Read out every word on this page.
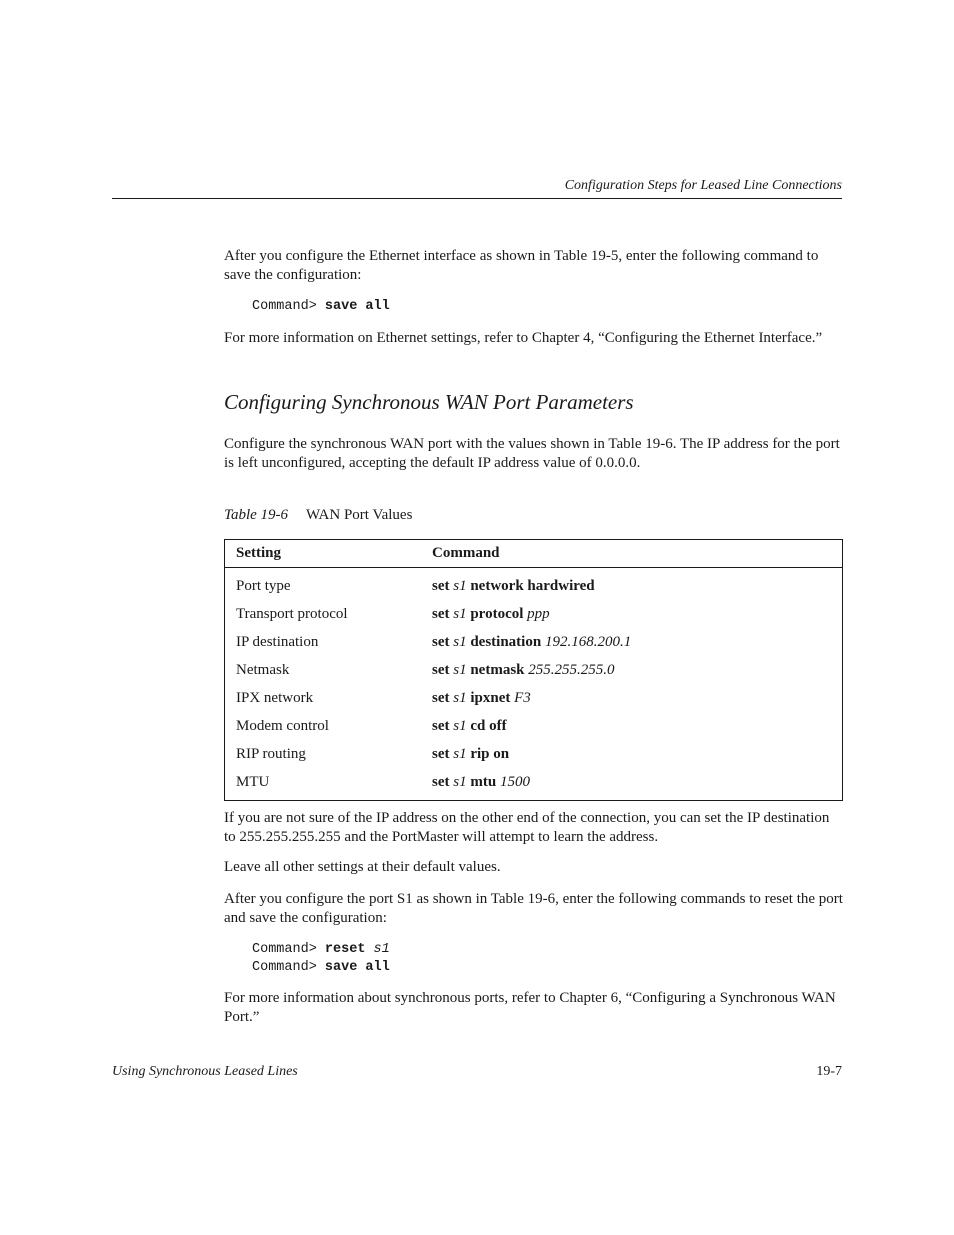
Configuration Steps for Leased Line Connections
After you configure the Ethernet interface as shown in Table 19-5, enter the following command to save the configuration:
Command> save all
For more information on Ethernet settings, refer to Chapter 4, “Configuring the Ethernet Interface.”
Configuring Synchronous WAN Port Parameters
Configure the synchronous WAN port with the values shown in Table 19-6. The IP address for the port is left unconfigured, accepting the default IP address value of 0.0.0.0.
Table 19-6 WAN Port Values
Setting	Command
Port type	set s1 network hardwired
Transport protocol	set s1 protocol ppp
IP destination	set s1 destination 192.168.200.1
Netmask	set s1 netmask 255.255.255.0
IPX network	set s1 ipxnet F3
Modem control	set s1 cd off
RIP routing	set s1 rip on
MTU	set s1 mtu 1500
If you are not sure of the IP address on the other end of the connection, you can set the IP destination to 255.255.255.255 and the PortMaster will attempt to learn the address.
Leave all other settings at their default values.
After you configure the port S1 as shown in Table 19-6, enter the following commands to reset the port and save the configuration:
Command> reset s1
Command> save all
For more information about synchronous ports, refer to Chapter 6, “Configuring a Synchronous WAN Port.”
Using Synchronous Leased Lines	19-7
